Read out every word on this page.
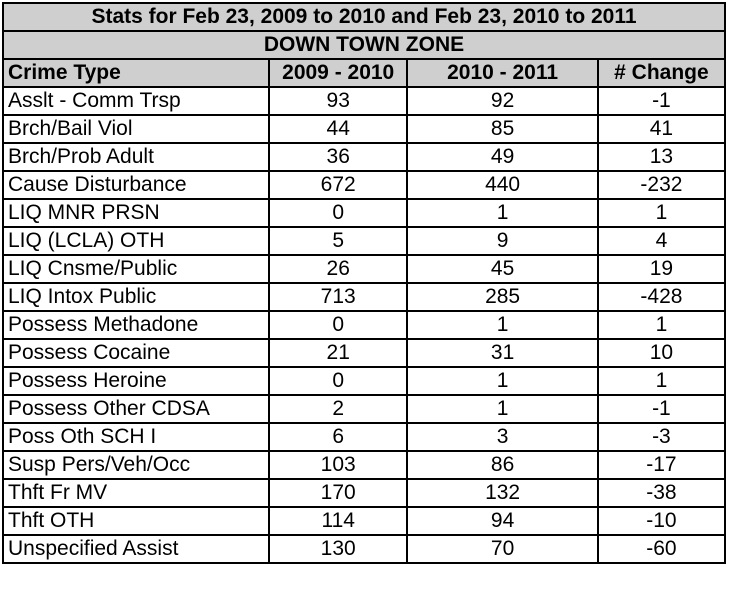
Stats for Feb 23, 2009 to 2010 and Feb 23, 2010 to 2011			
DOWN TOWN ZONE			
Crime Type	2009 - 2010	2010 - 2011	# Change
Asslt - Comm Trsp	93	92	-1
Brch/Bail Viol	44	85	41
Brch/Prob Adult	36	49	13
Cause Disturbance	672	440	-232
LIQ MNR PRSN	0	1	1
LIQ (LCLA) OTH	5	9	4
LIQ Cnsme/Public	26	45	19
LIQ Intox Public	713	285	-428
Possess Methadone	0	1	1
Possess Cocaine	21	31	10
Possess Heroine	0	1	1
Possess Other CDSA	2	1	-1
Poss Oth SCH I	6	3	-3
Susp Pers/Veh/Occ	103	86	-17
Thft Fr MV	170	132	-38
Thft OTH	114	94	-10
Unspecified Assist	130	70	-60
